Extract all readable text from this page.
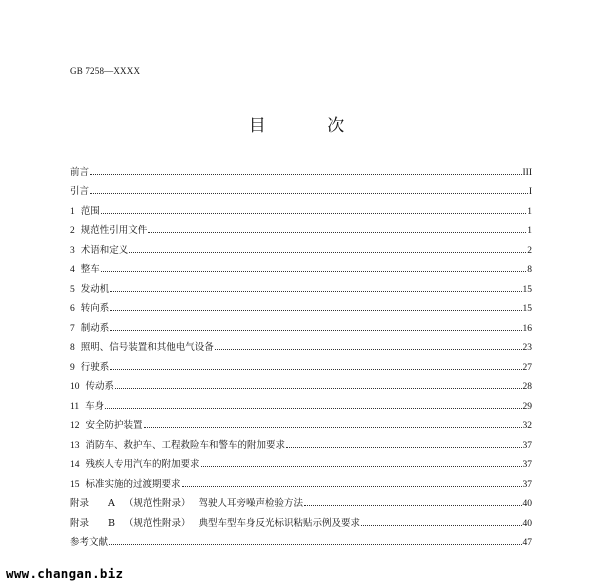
GB 7258—XXXX
目 次
前言	III
引言	I
1 范围	1
2 规范性引用文件	1
3 术语和定义	2
4 整车	8
5 发动机	15
6 转向系	15
7 制动系	16
8 照明、信号装置和其他电气设备	23
9 行驶系	27
10 传动系	28
11 车身	29
12 安全防护装置	32
13 消防车、救护车、工程救险车和警车的附加要求	37
14 残疾人专用汽车的附加要求	37
15 标准实施的过渡期要求	37
附录 A （规范性附录） 驾驶人耳旁噪声检验方法	40
附录 B （规范性附录） 典型车型车身反光标识粘贴示例及要求	40
参考文献	47
www.changan.biz
